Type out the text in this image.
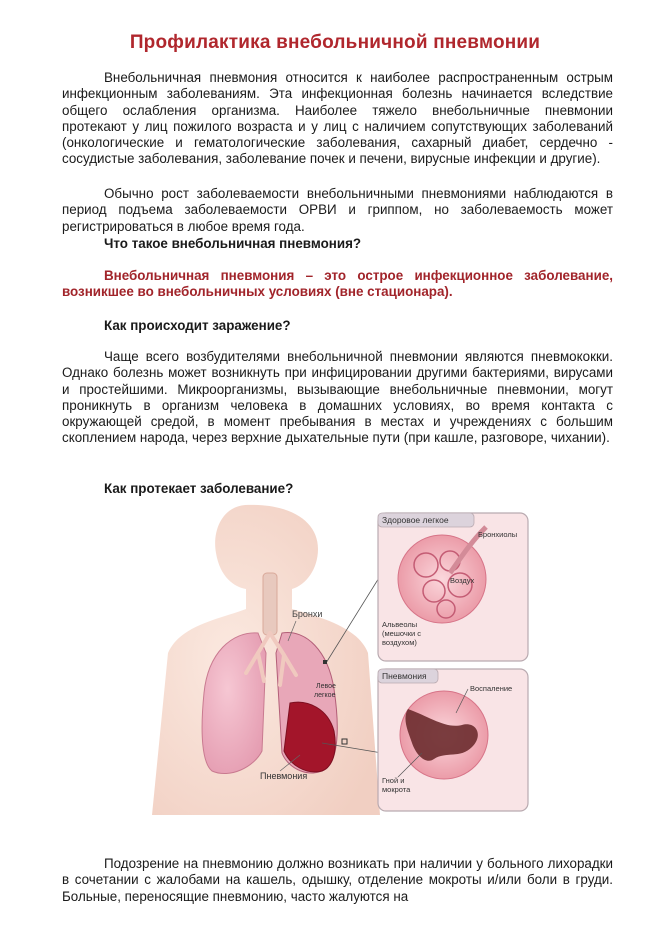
Профилактика внебольничной пневмонии

Внебольничная пневмония относится к наиболее распространенным острым инфекционным заболеваниям. Эта инфекционная болезнь начинается вследствие общего ослабления организма. Наиболее тяжело внебольничные пневмонии протекают у лиц пожилого возраста и у лиц с наличием сопутствующих заболеваний (онкологические и гематологические заболевания, сахарный диабет, сердечно - сосудистые заболевания, заболевание почек и печени, вирусные инфекции и другие).

Обычно рост заболеваемости внебольничными пневмониями наблюдаются в период подъема заболеваемости ОРВИ и гриппом, но заболеваемость может регистрироваться в любое время года.

Что такое внебольничная пневмония?

Внебольничная пневмония – это острое инфекционное заболевание, возникшее во внебольничных условиях (вне стационара).

Как происходит заражение?

Чаще всего возбудителями внебольничной пневмонии являются пневмококки. Однако болезнь может возникнуть при инфицировании другими бактериями, вирусами и простейшими. Микроорганизмы, вызывающие внебольничные пневмонии, могут проникнуть в организм человека в домашних условиях, во время контакта с окружающей средой, в момент пребывания в местах и учреждениях с большим скоплением народа, через верхние дыхательные пути (при кашле, разговоре, чихании).

Как протекает заболевание?
Бронхи
Левое
легкое
Пневмония
Здоровое легкое
Бронхиолы
Воздух
Альвеолы
(мешочки с
воздухом)
Пневмония
Воспаление
Гной и
мокрота

Подозрение на пневмонию должно возникать при наличии у больного лихорадки в сочетании с жалобами на кашель, одышку, отделение мокроты и/или боли в груди. Больные, переносящие пневмонию, часто жалуются на
